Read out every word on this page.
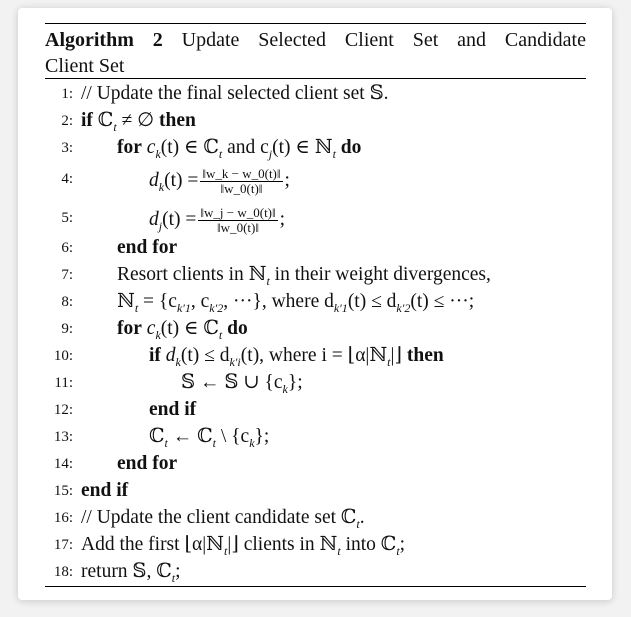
Algorithm 2 Update Selected Client Set and Candidate
Client Set
1: // Update the final selected client set 𝕊.
2: if ℂ$_t$ ≠ ∅ then
3: for $c_k(t)$ ∈ ℂ$_t$ and $c_j(t)$ ∈ ℕ$_t$ do
4:	$d_k(t) = \frac{‖w\_k - w\_0(t)‖}{‖w\_0(t)‖}$ ;
5:	$d_j(t) = \frac{‖w\_j - w\_0(t)‖}{‖w\_0(t)‖}$ ;
6: end for
7: Resort clients in ℕ$_t$ in their weight divergences,
8: ℕ$_t$ = {$c_{k'1}$, $c_{k'2}$, ···}, where $d_{k'1}(t) \le d_{k'2}(t)$ ≤ ···;
9: for $c_k(t)$ ∈ ℂ$_t$ do
10:	if $d_k(t) \le d_{k'i}(t)$, where i = ⌊α|ℕ$_t$|⌋ then
11:	𝕊 ← 𝕊 ∪ $\{c_k\}$;
12:	end if
13:	ℂ$_t$ ← ℂ$_t$ \ $\{c_k\}$;
14: end for
15: end if
16: // Update the client candidate set ℂ$_t$.
17: Add the first ⌊α|ℕ$_t$|⌋ clients in ℕ$_t$ into ℂ$_t$;
18: return 𝕊, ℂ$_t$;
